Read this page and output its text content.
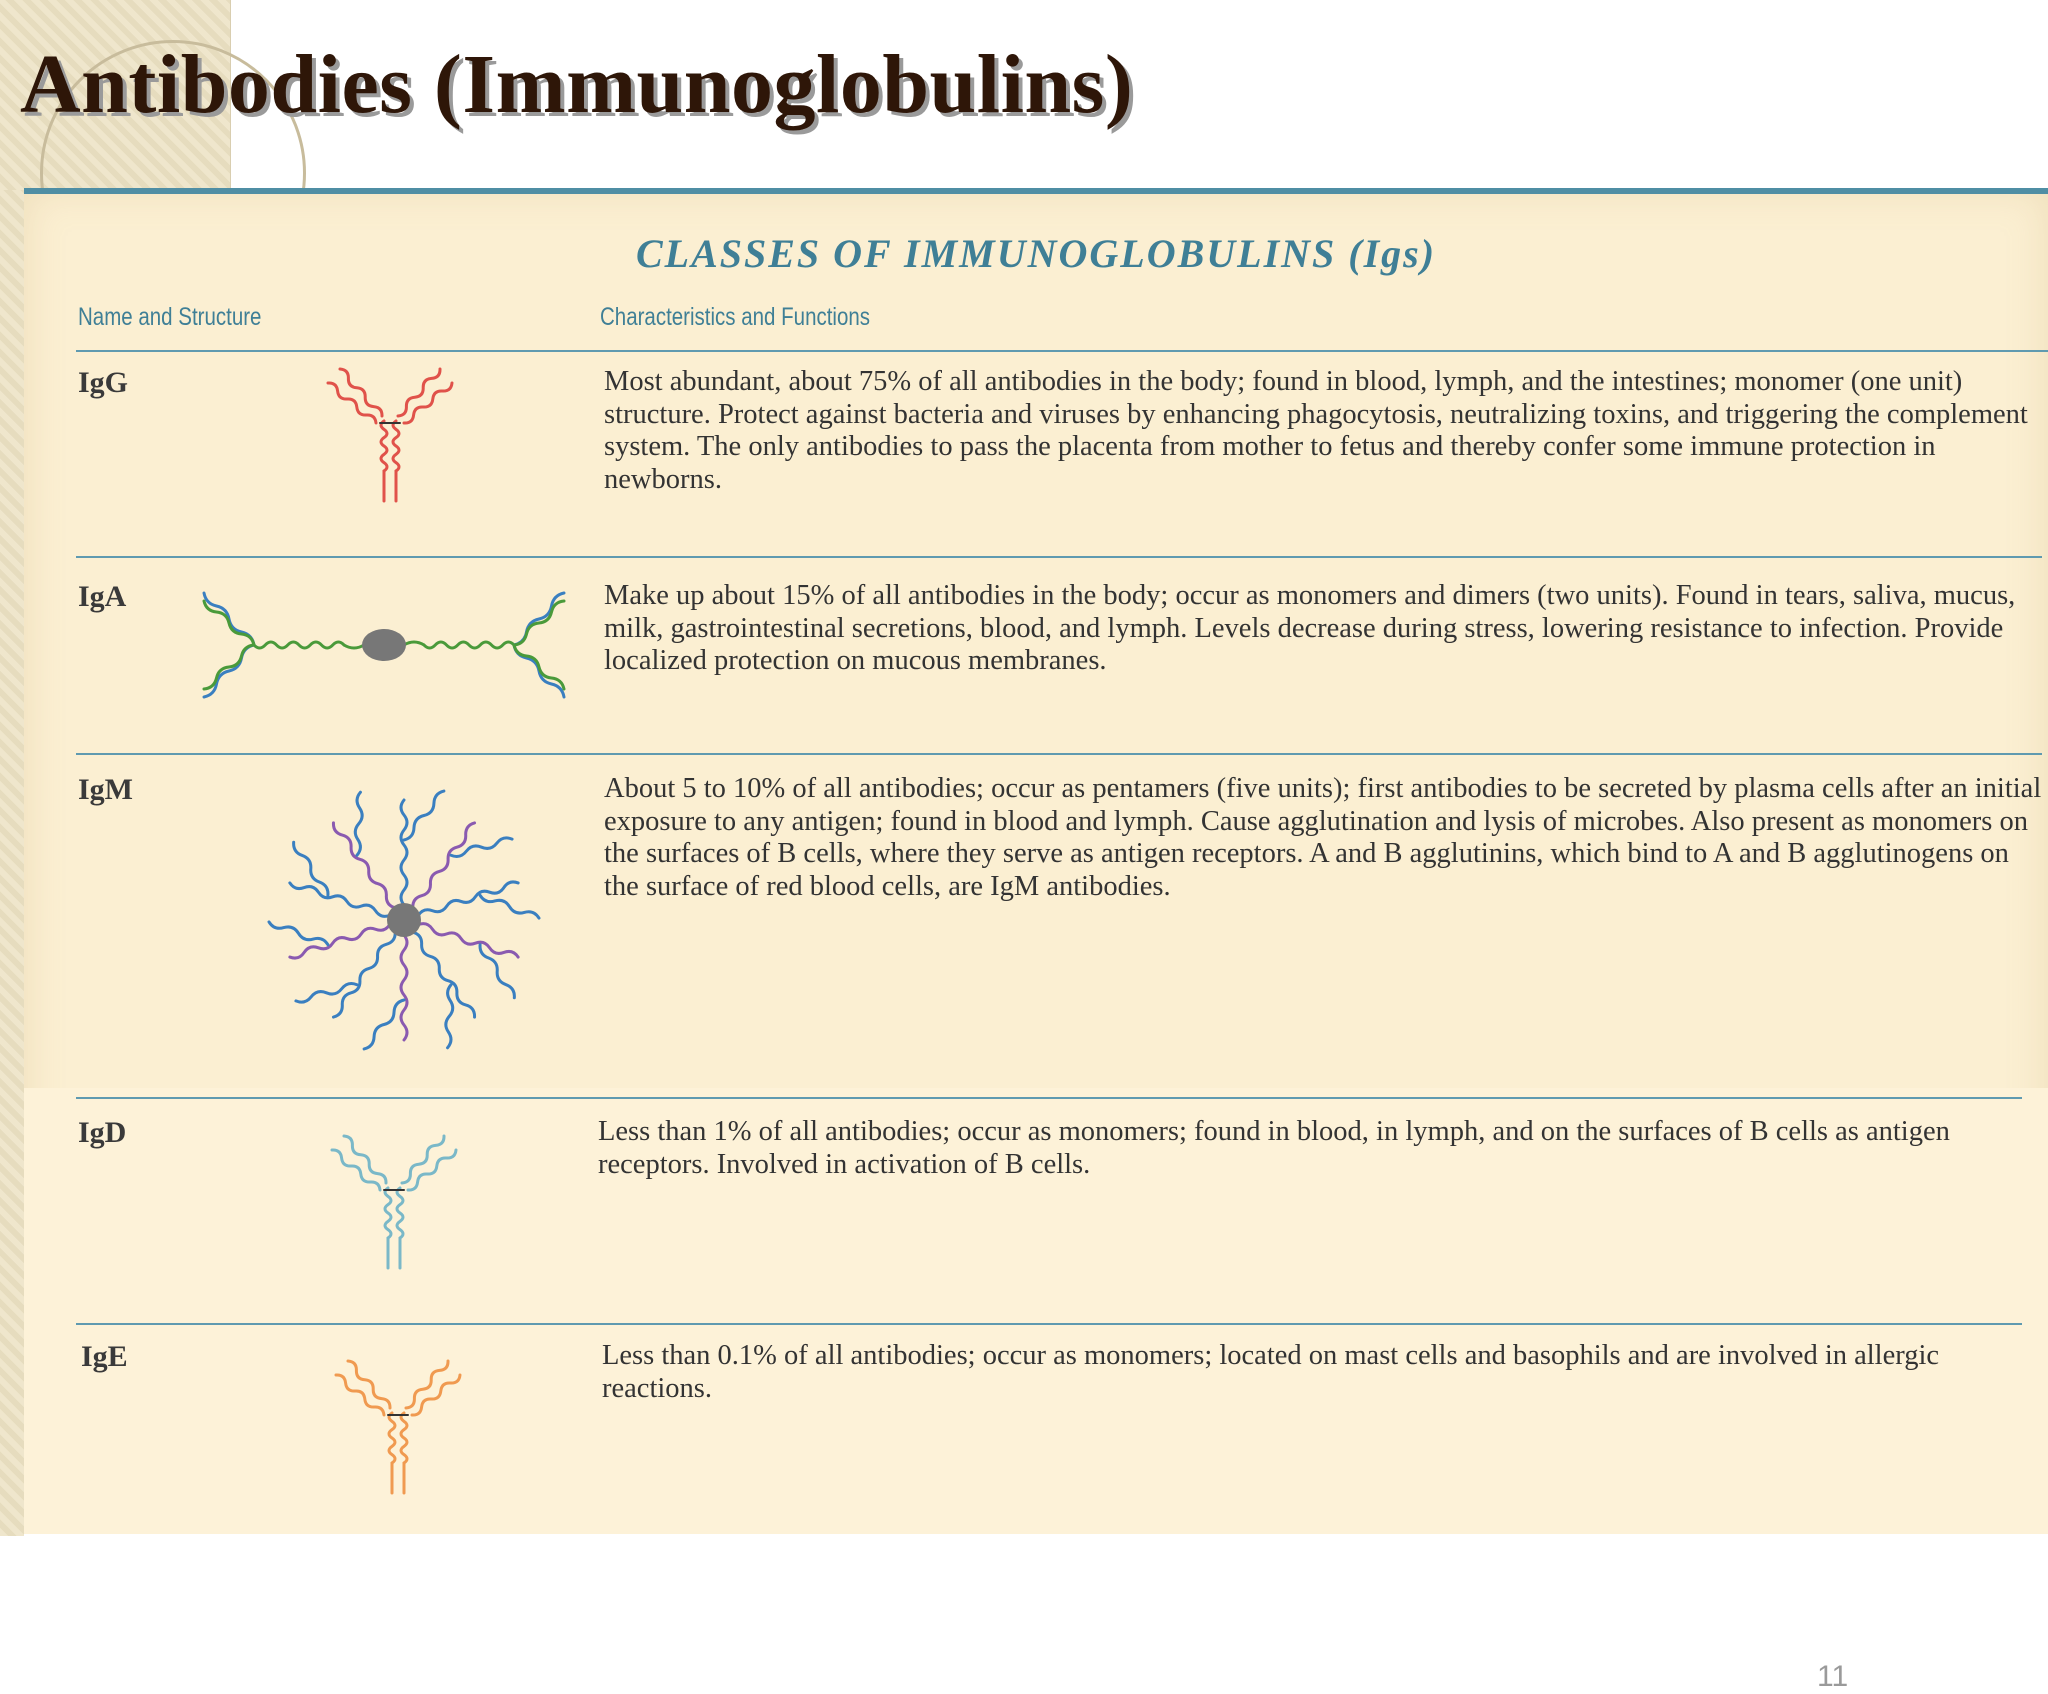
Antibodies (Immunoglobulins)
CLASSES OF IMMUNOGLOBULINS (Igs)
Name and Structure	Characteristics and Functions
IgG	Most abundant, about 75% of all antibodies in the body; found in blood, lymph, and the intestines; monomer (one unit) structure. Protect against bacteria and viruses by enhancing phagocytosis, neutralizing toxins, and triggering the complement system. The only antibodies to pass the placenta from mother to fetus and thereby confer some immune protection in newborns.
IgA	Make up about 15% of all antibodies in the body; occur as monomers and dimers (two units). Found in tears, saliva, mucus, milk, gastrointestinal secretions, blood, and lymph. Levels decrease during stress, lowering resistance to infection. Provide localized protection on mucous membranes.
IgM	About 5 to 10% of all antibodies; occur as pentamers (five units); first antibodies to be secreted by plasma cells after an initial exposure to any antigen; found in blood and lymph. Cause agglutination and lysis of microbes. Also present as monomers on the surfaces of B cells, where they serve as antigen receptors. A and B agglutinins, which bind to A and B agglutinogens on the surface of red blood cells, are IgM antibodies.
IgD	Less than 1% of all antibodies; occur as monomers; found in blood, in lymph, and on the surfaces of B cells as antigen receptors. Involved in activation of B cells.
IgE	Less than 0.1% of all antibodies; occur as monomers; located on mast cells and basophils and are involved in allergic reactions.
11
